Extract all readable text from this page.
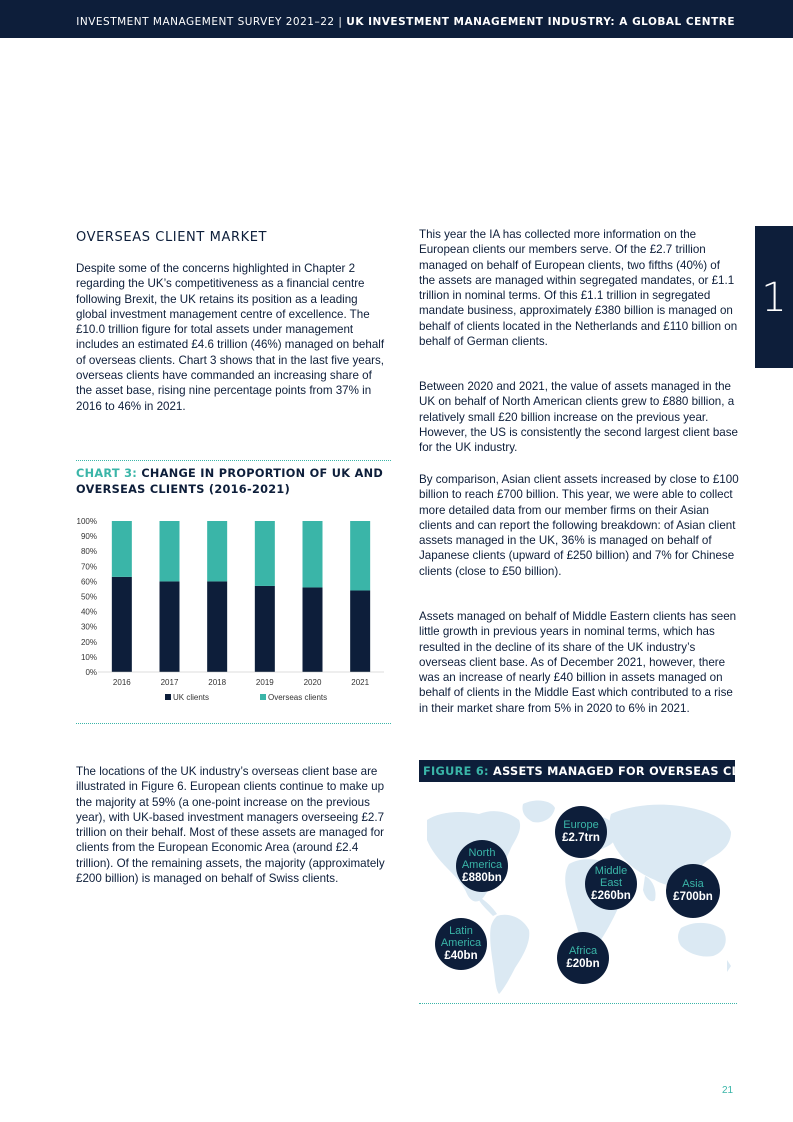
INVESTMENT MANAGEMENT SURVEY 2021–22 | UK INVESTMENT MANAGEMENT INDUSTRY: A GLOBAL CENTRE
1
OVERSEAS CLIENT MARKET

Despite some of the concerns highlighted in Chapter 2 regarding the UK’s competitiveness as a financial centre following Brexit, the UK retains its position as a leading global investment management centre of excellence. The £10.0 trillion figure for total assets under management includes an estimated £4.6 trillion (46%) managed on behalf of overseas clients. Chart 3 shows that in the last five years, overseas clients have commanded an increasing share of the asset base, rising nine percentage points from 37% in 2016 to 46% in 2021.

CHART 3: CHANGE IN PROPORTION OF UK AND OVERSEAS CLIENTS (2016-2021)
0%
10%
20%
30%
40%
50%
60%
70%
80%
90%
100%
2016	2017	2018	2019	2020	2021
UK clients	Overseas clients

The locations of the UK industry’s overseas client base are illustrated in Figure 6. European clients continue to make up the majority at 59% (a one-point increase on the previous year), with UK-based investment managers overseeing £2.7 trillion on their behalf. Most of these assets are managed for clients from the European Economic Area (around £2.4 trillion). Of the remaining assets, the majority (approximately £200 billion) is managed on behalf of Swiss clients.

This year the IA has collected more information on the European clients our members serve. Of the £2.7 trillion managed on behalf of European clients, two fifths (40%) of the assets are managed within segregated mandates, or £1.1 trillion in nominal terms. Of this £1.1 trillion in segregated mandate business, approximately £380 billion is managed on behalf of clients located in the Netherlands and £110 billion on behalf of German clients.

Between 2020 and 2021, the value of assets managed in the UK on behalf of North American clients grew to £880 billion, a relatively small £20 billion increase on the previous year. However, the US is consistently the second largest client base for the UK industry.

By comparison, Asian client assets increased by close to £100 billion to reach £700 billion. This year, we were able to collect more detailed data from our member firms on their Asian clients and can report the following breakdown: of Asian client assets managed in the UK, 36% is managed on behalf of Japanese clients (upward of £250 billion) and 7% for Chinese clients (close to £50 billion).

Assets managed on behalf of Middle Eastern clients has seen little growth in previous years in nominal terms, which has resulted in the decline of its share of the UK industry’s overseas client base. As of December 2021, however, there was an increase of nearly £40 billion in assets managed on behalf of clients in the Middle East which contributed to a rise in their market share from 5% in 2020 to 6% in 2021.

FIGURE 6: ASSETS MANAGED FOR OVERSEAS CLIENTS
Europe
£2.7trn
North America
£880bn
Middle East
£260bn
Asia
£700bn
Latin America
£40bn	Africa
£20bn
21
